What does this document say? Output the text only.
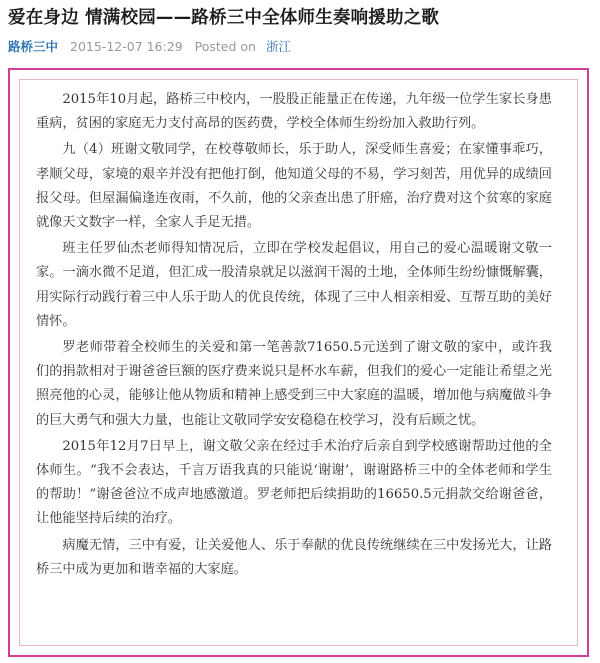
爱在身边 情满校园——路桥三中全体师生奏响援助之歌
路桥三中 2015-12-07 16:29 Posted on 浙江

2015年10月起，路桥三中校内，一股股正能量正在传递，九年级一位学生家长身患重病，贫困的家庭无力支付高昂的医药费，学校全体师生纷纷加入救助行列。

九（4）班谢文敬同学，在校尊敬师长，乐于助人，深受师生喜爱；在家懂事乖巧，孝顺父母，家境的艰辛并没有把他打倒，他知道父母的不易，学习刻苦，用优异的成绩回报父母。但屋漏偏逢连夜雨，不久前，他的父亲查出患了肝癌，治疗费对这个贫寒的家庭就像天文数字一样，全家人手足无措。

班主任罗仙杰老师得知情况后，立即在学校发起倡议，用自己的爱心温暖谢文敬一家。一滴水微不足道，但汇成一股清泉就足以滋润干渴的土地，全体师生纷纷慷慨解囊，用实际行动践行着三中人乐于助人的优良传统，体现了三中人相亲相爱、互帮互助的美好情怀。

罗老师带着全校师生的关爱和第一笔善款71650.5元送到了谢文敬的家中，或许我们的捐款相对于谢爸爸巨额的医疗费来说只是杯水车薪，但我们的爱心一定能让希望之光照亮他的心灵，能够让他从物质和精神上感受到三中大家庭的温暖，增加他与病魔做斗争的巨大勇气和强大力量，也能让文敬同学安安稳稳在校学习，没有后顾之忧。

2015年12月7日早上，谢文敬父亲在经过手术治疗后亲自到学校感谢帮助过他的全体师生。“我不会表达，千言万语我真的只能说‘谢谢’，谢谢路桥三中的全体老师和学生的帮助！”谢爸爸泣不成声地感激道。罗老师把后续捐助的16650.5元捐款交给谢爸爸，让他能坚持后续的治疗。

病魔无情，三中有爱，让关爱他人、乐于奉献的优良传统继续在三中发扬光大，让路桥三中成为更加和谐幸福的大家庭。
